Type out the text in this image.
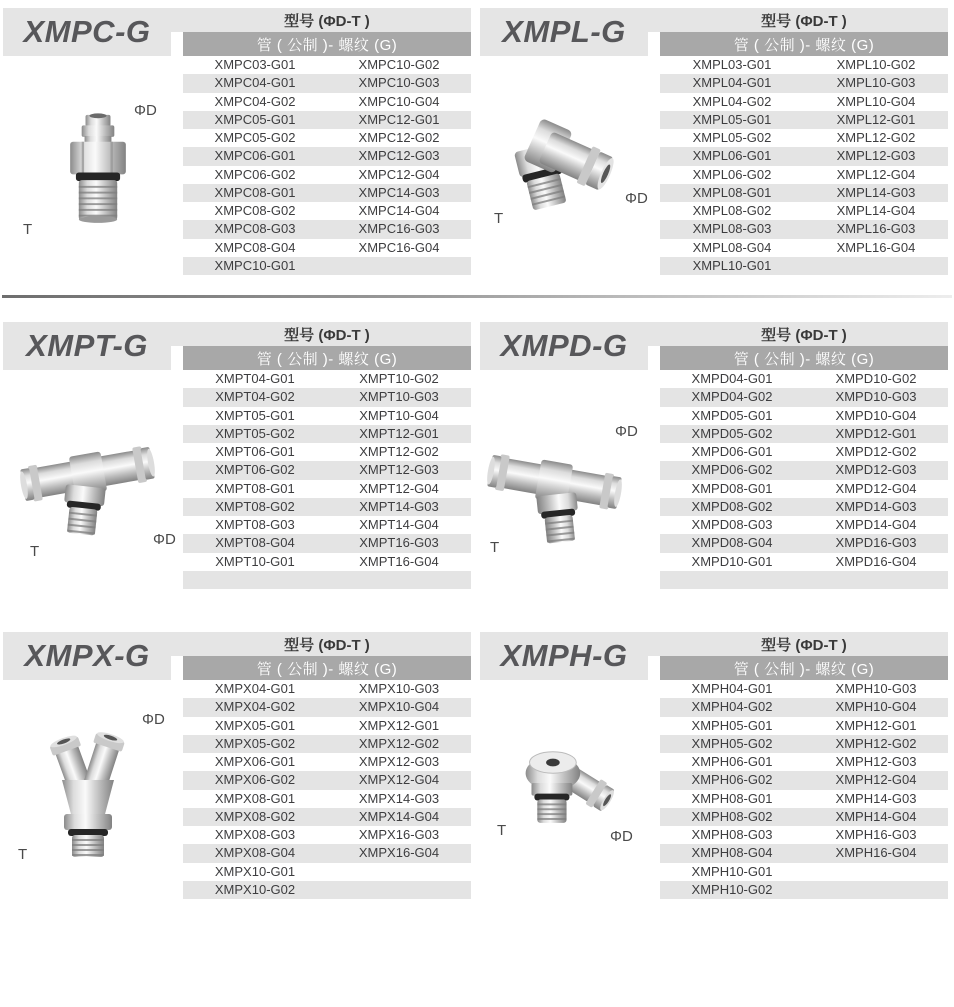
XMPC-G	型号 (ΦD-T )
管 ( 公制 )- 螺纹 (G)
XMPC03-G01	XMPC10-G02
XMPC04-G01	XMPC10-G03
XMPC04-G02	XMPC10-G04
XMPC05-G01	XMPC12-G01
XMPC05-G02	XMPC12-G02
XMPC06-G01	XMPC12-G03
XMPC06-G02	XMPC12-G04
XMPC08-G01	XMPC14-G03
XMPC08-G02	XMPC14-G04
XMPC08-G03	XMPC16-G03
XMPC08-G04	XMPC16-G04
XMPC10-G01
ΦD
T
XMPL-G	型号 (ΦD-T )
管 ( 公制 )- 螺纹 (G)
XMPL03-G01	XMPL10-G02
XMPL04-G01	XMPL10-G03
XMPL04-G02	XMPL10-G04
XMPL05-G01	XMPL12-G01
XMPL05-G02	XMPL12-G02
XMPL06-G01	XMPL12-G03
XMPL06-G02	XMPL12-G04
XMPL08-G01	XMPL14-G03
XMPL08-G02	XMPL14-G04
XMPL08-G03	XMPL16-G03
XMPL08-G04	XMPL16-G04
XMPL10-G01
ΦD
T
XMPT-G	型号 (ΦD-T )
管 ( 公制 )- 螺纹 (G)
XMPT04-G01	XMPT10-G02
XMPT04-G02	XMPT10-G03
XMPT05-G01	XMPT10-G04
XMPT05-G02	XMPT12-G01
XMPT06-G01	XMPT12-G02
XMPT06-G02	XMPT12-G03
XMPT08-G01	XMPT12-G04
XMPT08-G02	XMPT14-G03
XMPT08-G03	XMPT14-G04
XMPT08-G04	XMPT16-G03
XMPT10-G01	XMPT16-G04
ΦD
T
XMPD-G	型号 (ΦD-T )
管 ( 公制 )- 螺纹 (G)
XMPD04-G01	XMPD10-G02
XMPD04-G02	XMPD10-G03
XMPD05-G01	XMPD10-G04
XMPD05-G02	XMPD12-G01
XMPD06-G01	XMPD12-G02
XMPD06-G02	XMPD12-G03
XMPD08-G01	XMPD12-G04
XMPD08-G02	XMPD14-G03
XMPD08-G03	XMPD14-G04
XMPD08-G04	XMPD16-G03
XMPD10-G01	XMPD16-G04
ΦD
T
XMPX-G	型号 (ΦD-T )
管 ( 公制 )- 螺纹 (G)
XMPX04-G01	XMPX10-G03
XMPX04-G02	XMPX10-G04
XMPX05-G01	XMPX12-G01
XMPX05-G02	XMPX12-G02
XMPX06-G01	XMPX12-G03
XMPX06-G02	XMPX12-G04
XMPX08-G01	XMPX14-G03
XMPX08-G02	XMPX14-G04
XMPX08-G03	XMPX16-G03
XMPX08-G04	XMPX16-G04
XMPX10-G01
XMPX10-G02
ΦD
T
XMPH-G	型号 (ΦD-T )
管 ( 公制 )- 螺纹 (G)
XMPH04-G01	XMPH10-G03
XMPH04-G02	XMPH10-G04
XMPH05-G01	XMPH12-G01
XMPH05-G02	XMPH12-G02
XMPH06-G01	XMPH12-G03
XMPH06-G02	XMPH12-G04
XMPH08-G01	XMPH14-G03
XMPH08-G02	XMPH14-G04
XMPH08-G03	XMPH16-G03
XMPH08-G04	XMPH16-G04
XMPH10-G01
XMPH10-G02
ΦD
T
